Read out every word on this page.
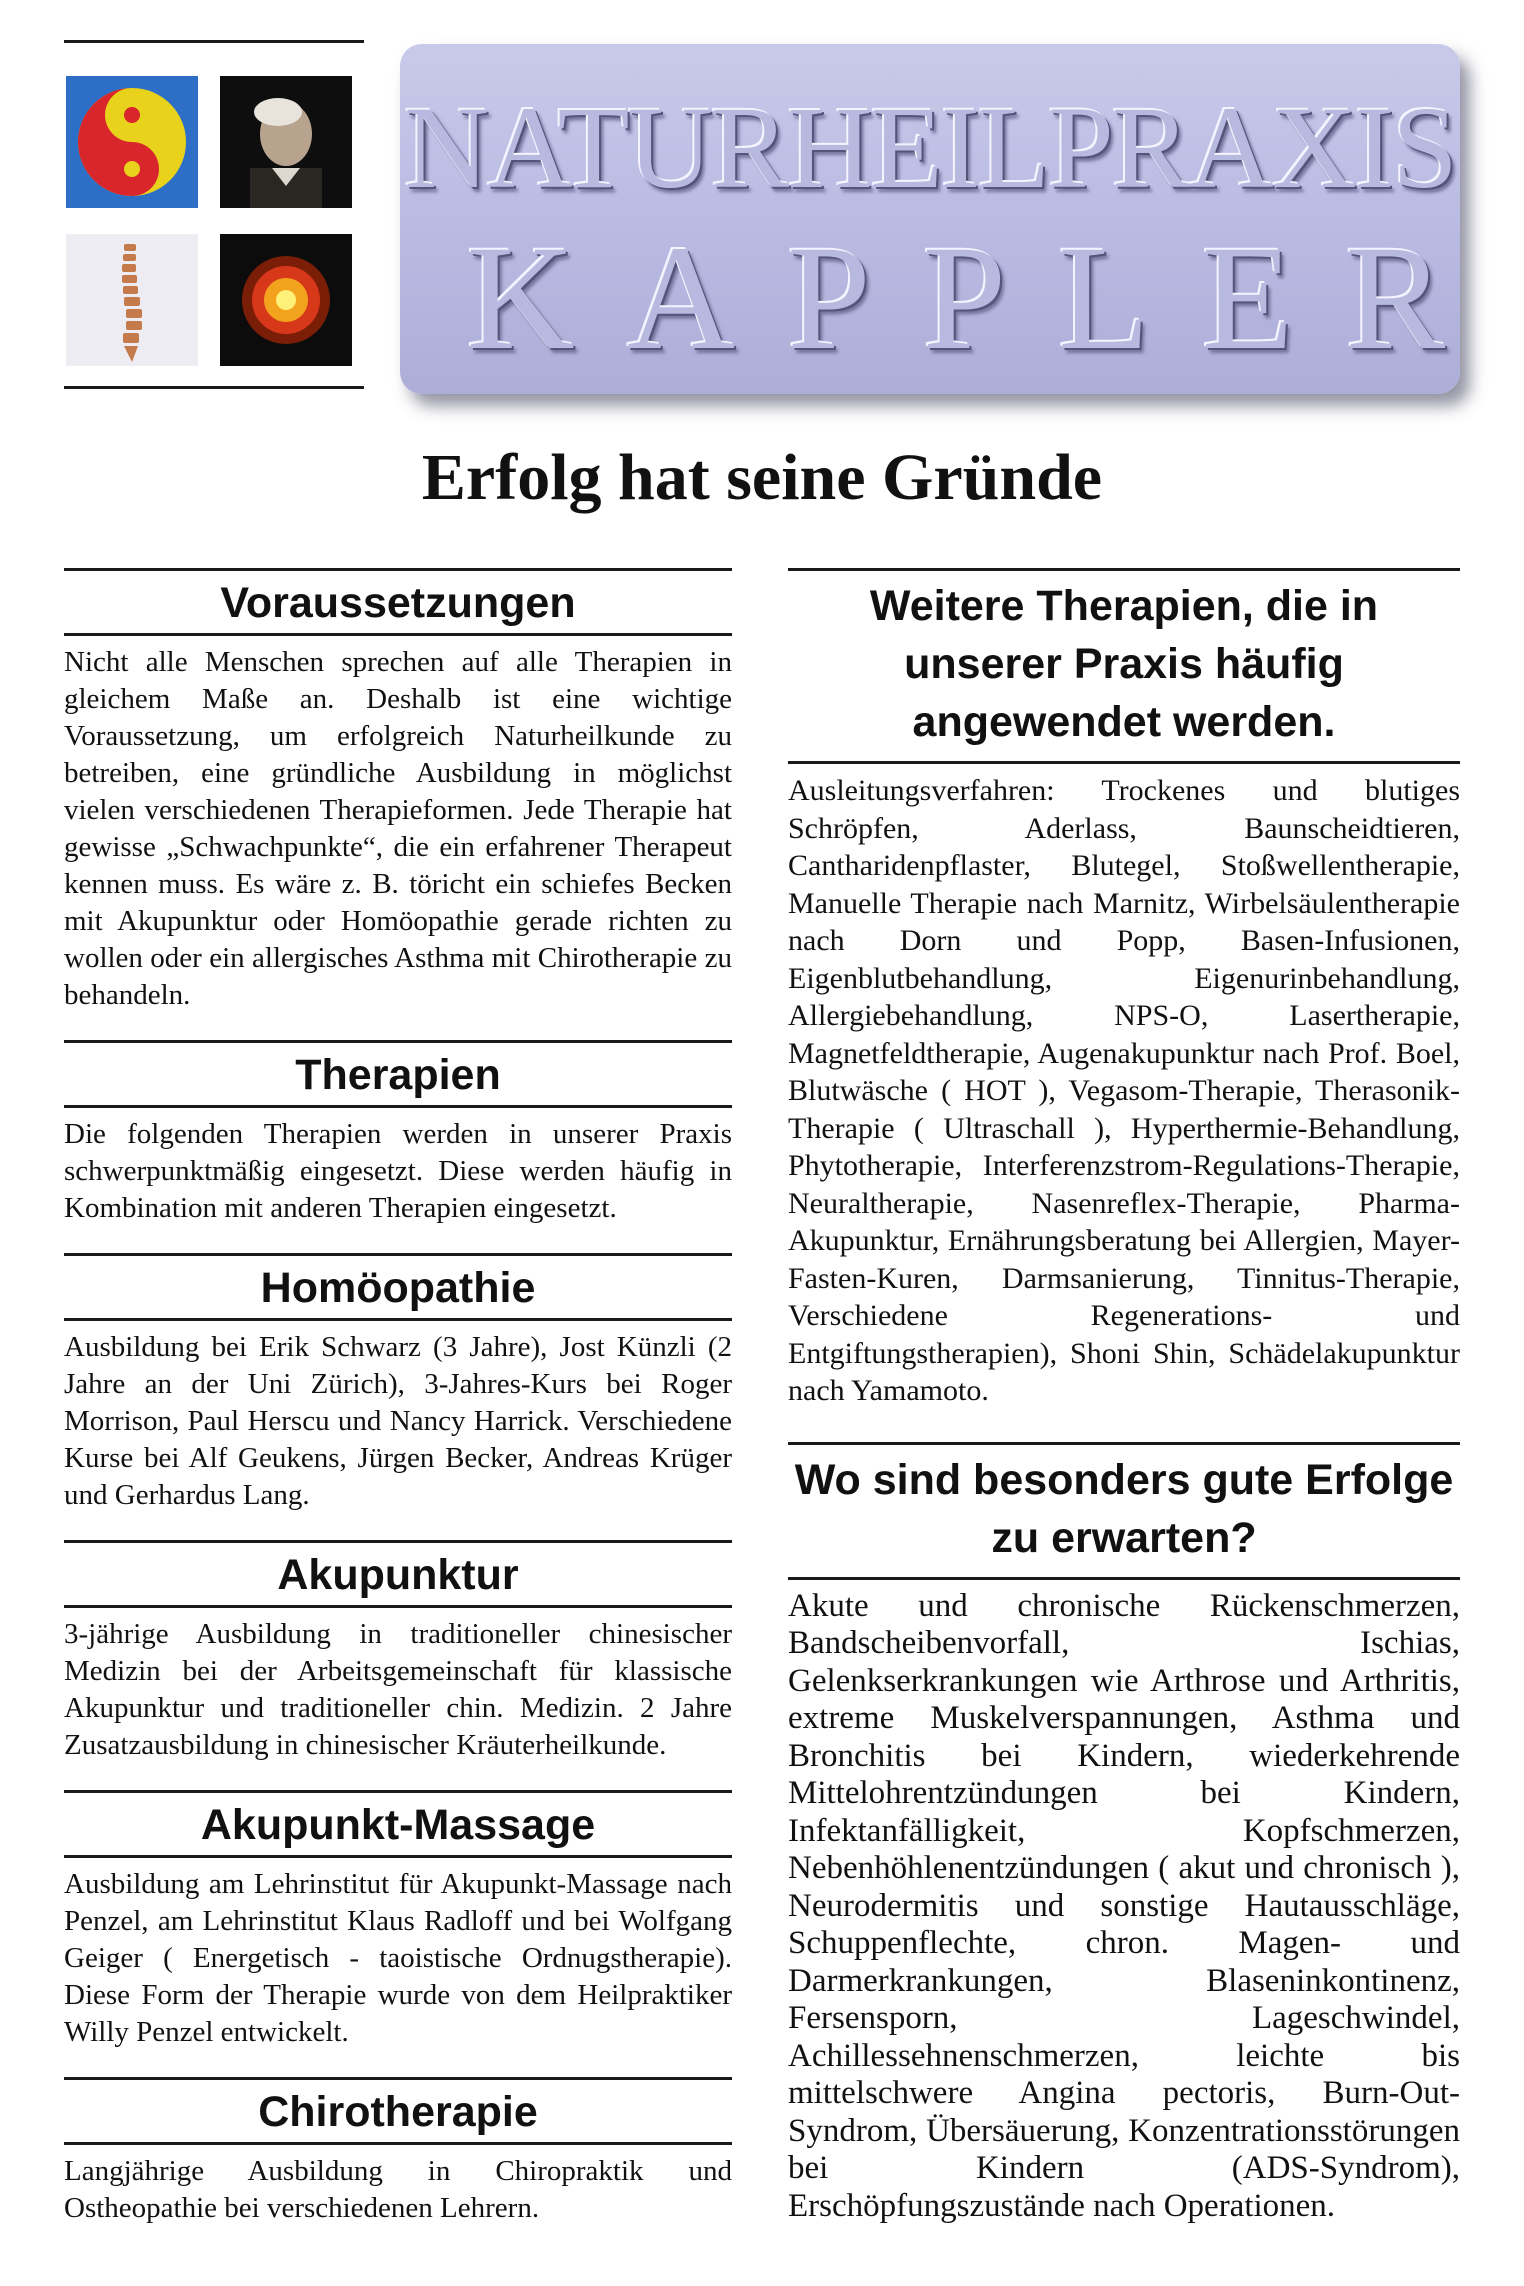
NATURHEILPRAXIS
KAPPLER
Erfolg hat seine Gründe
Voraussetzungen
Nicht alle Menschen sprechen auf alle Therapien in gleichem Maße an. Deshalb ist eine wichtige Voraussetzung, um erfolgreich Naturheilkunde zu betreiben, eine gründliche Ausbildung in möglichst vielen verschiedenen Therapieformen. Jede Therapie hat gewisse „Schwachpunkte“, die ein erfahrener Therapeut kennen muss. Es wäre z. B. töricht ein schiefes Becken mit Akupunktur oder Homöopathie gerade richten zu wollen oder ein allergisches Asthma mit Chirotherapie zu behandeln.
Therapien
Die folgenden Therapien werden in unserer Praxis schwerpunktmäßig eingesetzt. Diese werden häufig in Kombination mit anderen Therapien eingesetzt.
Homöopathie
Ausbildung bei Erik Schwarz (3 Jahre), Jost Künzli (2 Jahre an der Uni Zürich), 3-Jahres-Kurs bei Roger Morrison, Paul Herscu und Nancy Harrick. Verschiedene Kurse bei Alf Geukens, Jürgen Becker, Andreas Krüger und Gerhardus Lang.
Akupunktur
3-jährige Ausbildung in traditioneller chinesischer Medizin bei der Arbeitsgemeinschaft für klassische Akupunktur und traditioneller chin. Medizin. 2 Jahre Zusatzausbildung in chinesischer Kräuterheilkunde.
Akupunkt-Massage
Ausbildung am Lehrinstitut für Akupunkt-Massage nach Penzel, am Lehrinstitut Klaus Radloff und bei Wolfgang Geiger ( Energetisch - taoistische Ordnugstherapie). Diese Form der Therapie wurde von dem Heilpraktiker Willy Penzel entwickelt.
Chirotherapie
Langjährige Ausbildung in Chiropraktik und Ostheopathie bei verschiedenen Lehrern.
Weitere Therapien, die in unserer Praxis häufig angewendet werden.
Ausleitungsverfahren: Trockenes und blutiges Schröpfen, Aderlass, Baunscheidtieren, Cantharidenpflaster, Blutegel, Stoßwellentherapie, Manuelle Therapie nach Marnitz, Wirbelsäulentherapie nach Dorn und Popp, Basen-Infusionen, Eigenblutbehandlung, Eigenurinbehandlung, Allergiebehandlung, NPS-O, Lasertherapie, Magnetfeldtherapie, Augenakupunktur nach Prof. Boel, Blutwäsche ( HOT ), Vegasom-Therapie, Therasonik-Therapie ( Ultraschall ), Hyperthermie-Behandlung, Phytotherapie, Interferenzstrom-Regulations-Therapie, Neuraltherapie, Nasenreflex-Therapie, Pharma-Akupunktur, Ernährungsberatung bei Allergien, Mayer-Fasten-Kuren, Darmsanierung, Tinnitus-Therapie, Verschiedene Regenerations- und Entgiftungstherapien), Shoni Shin, Schädelakupunktur nach Yamamoto.
Wo sind besonders gute Erfolge zu erwarten?
Akute und chronische Rückenschmerzen, Bandscheibenvorfall, Ischias, Gelenkserkrankungen wie Arthrose und Arthritis, extreme Muskelverspannungen, Asthma und Bronchitis bei Kindern, wiederkehrende Mittelohrentzündungen bei Kindern, Infektanfälligkeit, Kopfschmerzen, Nebenhöhlenentzündungen ( akut und chronisch ), Neurodermitis und sonstige Hautausschläge, Schuppenflechte, chron. Magen- und Darmerkrankungen, Blaseninkontinenz, Fersensporn, Lageschwindel, Achillessehnenschmerzen, leichte bis mittelschwere Angina pectoris, Burn-Out-Syndrom, Übersäuerung, Konzentrationsstörungen bei Kindern (ADS-Syndrom), Erschöpfungszustände nach Operationen.
